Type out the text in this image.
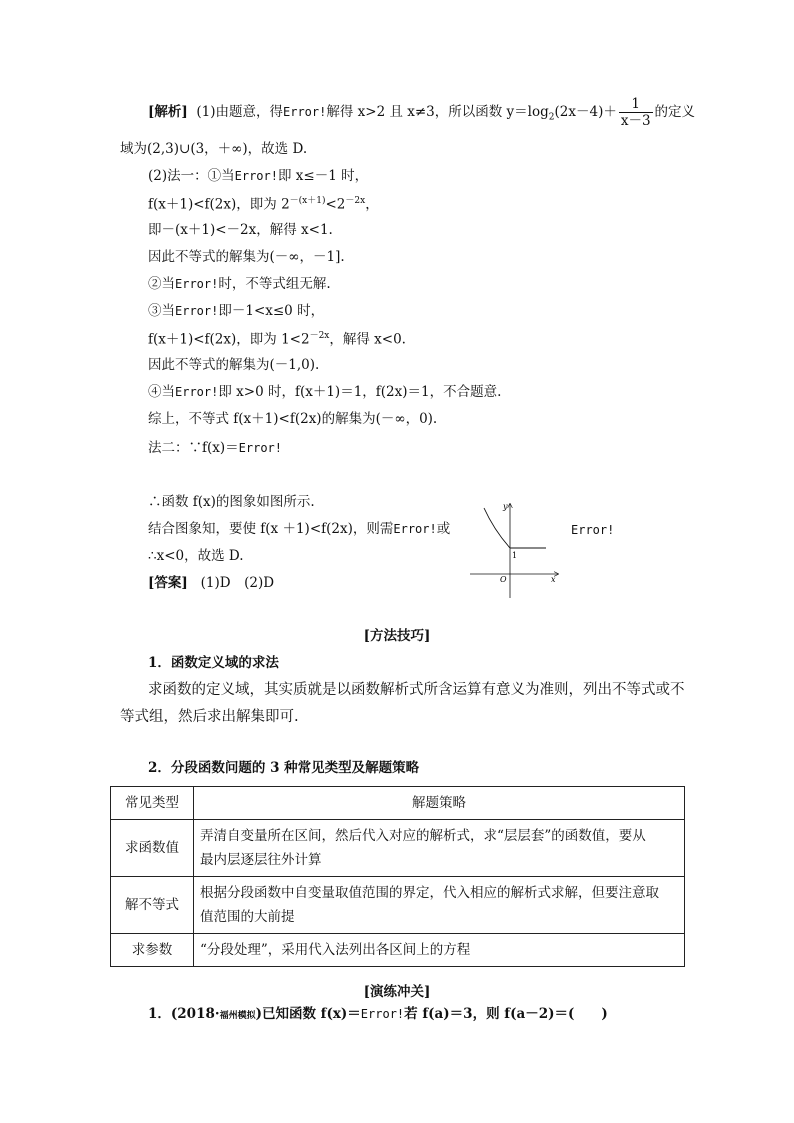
[解析] (1)由题意，得Error!解得 x>2 且 x≠3，所以函数 $y=\log_2(2x-4)+ \frac{1}{x-3}$ 的定义
域为(2,3)∪(3，＋∞)，故选 D.
(2)法一：①当Error!即 x≤－1 时，
f(x＋1)<f(2x)，即为 $2^{-(x+1)}<2^{-2x}$，
即－(x＋1)<－2x，解得 x<1.
因此不等式的解集为(－∞，－1].
②当Error!时，不等式组无解.
③当Error!即－1<x≤0 时，
f(x＋1)<f(2x)，即为 $1<2^{-2x}$，解得 x<0.
因此不等式的解集为(－1,0).
④当Error!即 x>0 时，f(x＋1)＝1，f(2x)＝1，不合题意.
综上，不等式 f(x＋1)<f(2x)的解集为(－∞，0).
法二：∵f(x)＝Error!
∴函数 f(x)的图象如图所示.
结合图象知，要使 f(x ＋1)<f(2x)，则需Error!或	Error!
∴x<0，故选 D.
[答案] (1)D　(2)D
y
x
O
1
[方法技巧]
1．函数定义域的求法
求函数的定义域，其实质就是以函数解析式所含运算有意义为准则，列出不等式或不
等式组，然后求出解集即可.
2．分段函数问题的 3 种常见类型及解题策略
常见类型	解题策略
求函数值	弄清自变量所在区间，然后代入对应的解析式，求“层层套”的函数值，要从
最内层逐层往外计算
解不等式	根据分段函数中自变量取值范围的界定，代入相应的解析式求解，但要注意取
值范围的大前提
求参数	“分段处理”，采用代入法列出各区间上的方程
[演练冲关]
1．(2018·福州模拟)已知函数 f(x)＝Error!若 f(a)＝3，则 f(a－2)＝(　　)
